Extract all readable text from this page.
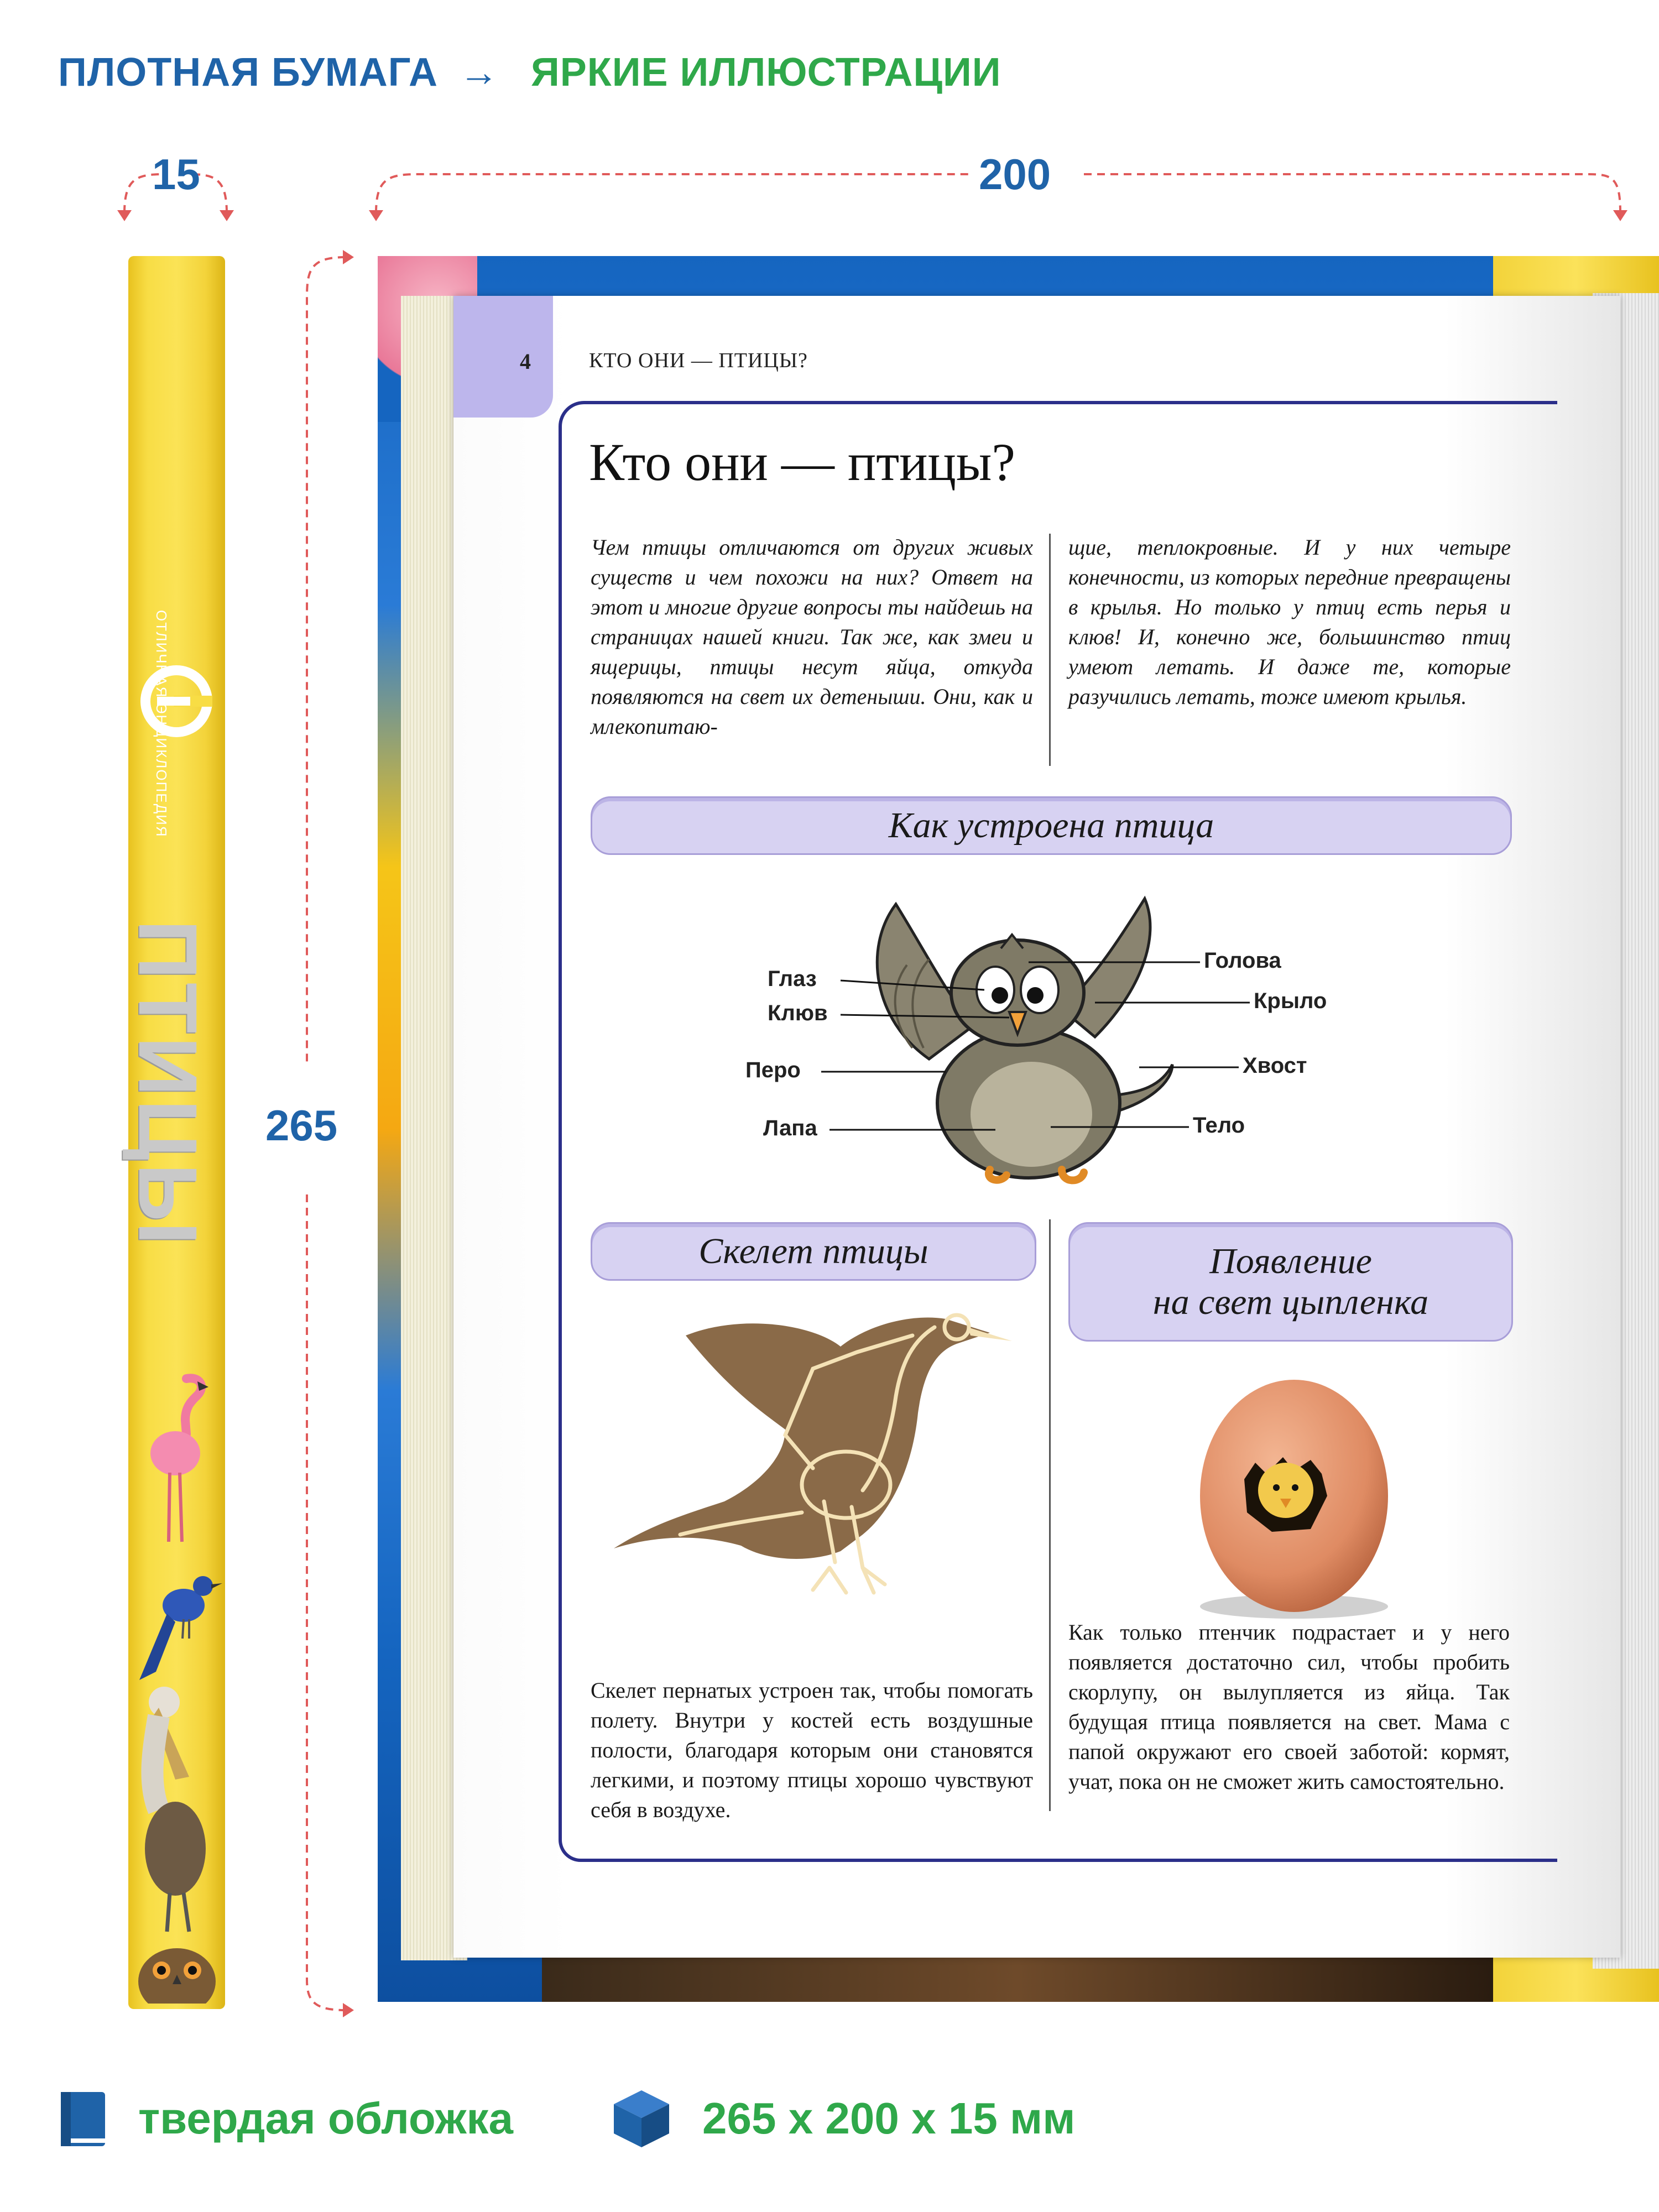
ПЛОТНАЯ БУМАГА → ЯРКИЕ ИЛЛЮСТРАЦИИ
15	200
265
ОТЛИЧНАЯ ЭНЦИКЛОПЕДИЯ
ПТИЦЫ
4	КТО ОНИ — ПТИЦЫ?
Кто они — птицы?
Чем птицы отличаются от других живых существ и чем похожи на них? Ответ на этот и многие другие вопросы ты найдешь на страницах нашей книги. Так же, как змеи и ящерицы, птицы несут яйца, откуда появляются на свет их детеныши. Они, как и млекопитаю-
щие, теплокровные. И у них четыре конечности, из которых передние превращены в крылья. Но только у птиц есть перья и клюв! И, конечно же, большинство птиц умеют летать. И даже те, которые разучились летать, тоже имеют крылья.
Как устроена птица
Глаз
Клюв
Перо
Лапа
Голова
Крыло
Хвост
Тело
Скелет птицы
Скелет пернатых устроен так, чтобы помогать полету. Внутри у костей есть воздушные полости, благодаря которым они становятся легкими, и поэтому птицы хорошо чувствуют себя в воздухе.
Появление
на свет цыпленка
Как только птенчик подрастает и у него появляется достаточно сил, чтобы пробить скорлупу, он вылупляется из яйца. Так будущая птица появляется на свет. Мама с папой окружают его своей заботой: кормят, учат, пока он не сможет жить самостоятельно.
твердая обложка	265 х 200 х 15 мм
